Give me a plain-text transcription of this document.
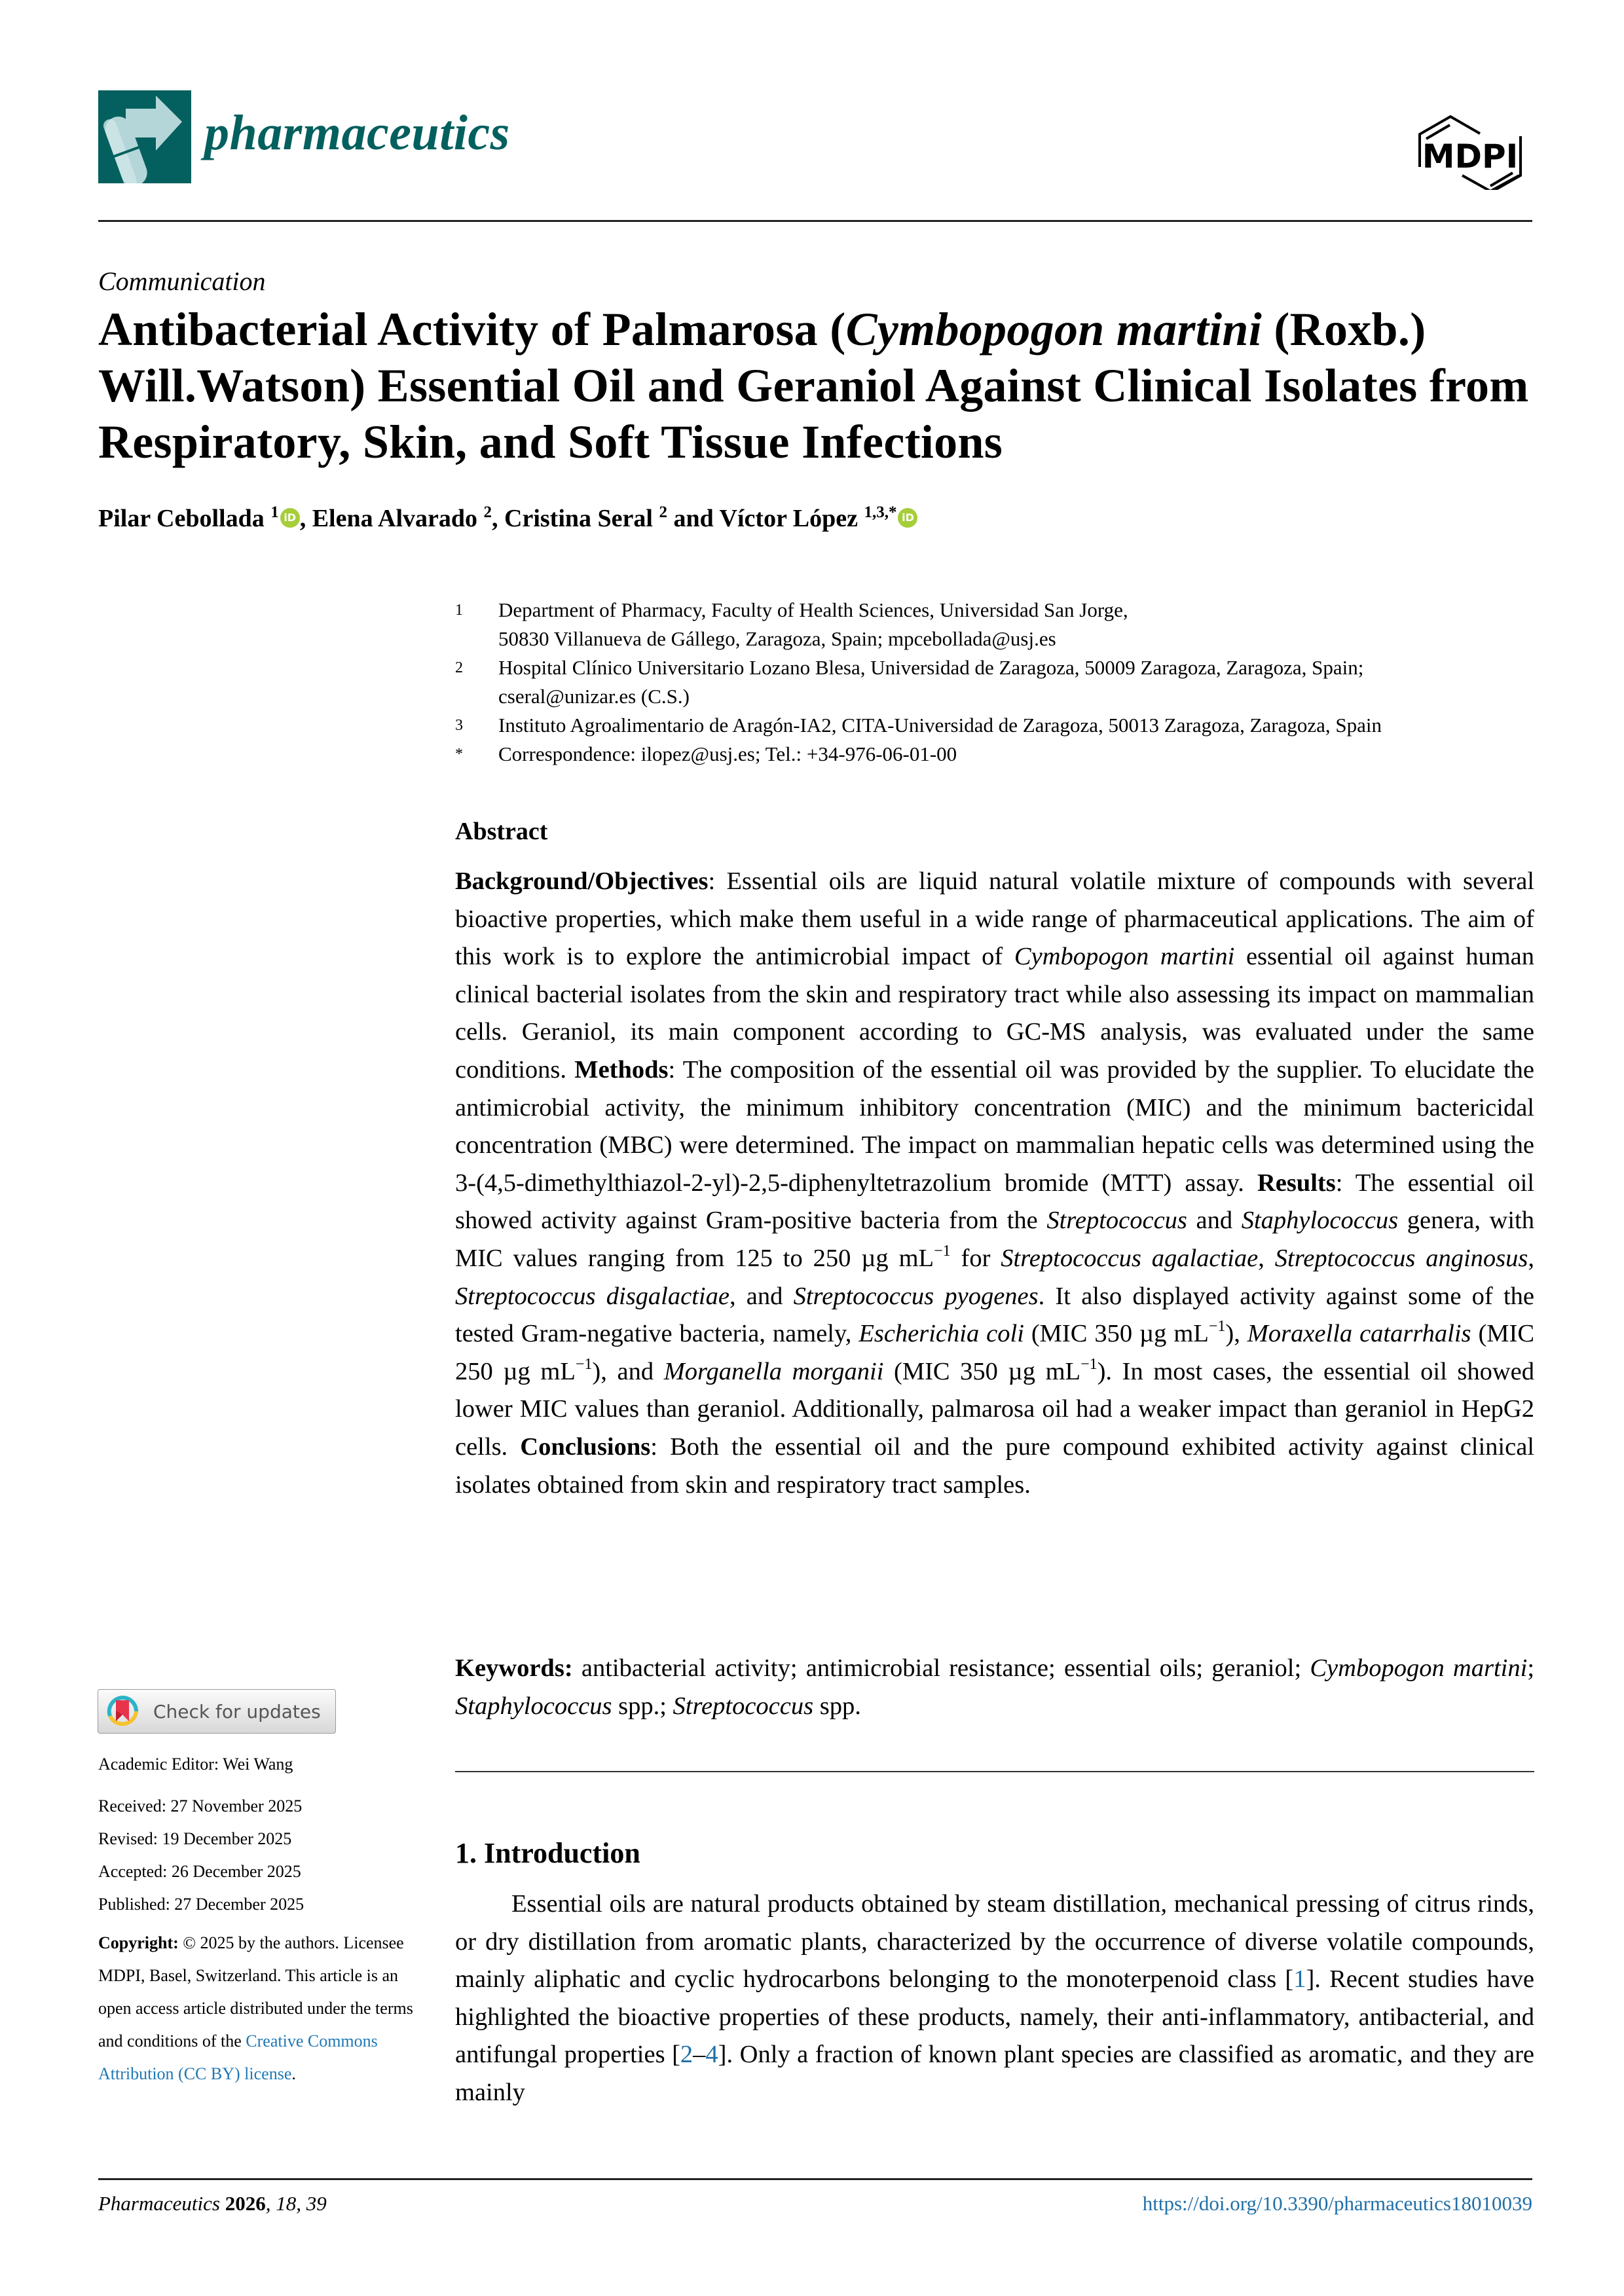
pharmaceutics	MDPI
Communication
Antibacterial Activity of Palmarosa (Cymbopogon martini (Roxb.) Will.Watson) Essential Oil and Geraniol Against Clinical Isolates from Respiratory, Skin, and Soft Tissue Infections
Pilar Cebollada $^1$ iD , Elena Alvarado $^2$, Cristina Seral $^2$ and Víctor López $^{1,3,*}$ iD
1	Department of Pharmacy, Faculty of Health Sciences, Universidad San Jorge,
50830 Villanueva de Gállego, Zaragoza, Spain; mpcebollada@usj.es
2	Hospital Clínico Universitario Lozano Blesa, Universidad de Zaragoza, 50009 Zaragoza, Zaragoza, Spain;
cseral@unizar.es (C.S.)
3	Instituto Agroalimentario de Aragón-IA2, CITA-Universidad de Zaragoza, 50013 Zaragoza, Zaragoza, Spain
*	Correspondence: ilopez@usj.es; Tel.: +34-976-06-01-00
Abstract
Background/Objectives: Essential oils are liquid natural volatile mixture of compounds with several bioactive properties, which make them useful in a wide range of pharmaceutical applications. The aim of this work is to explore the antimicrobial impact of Cymbopogon martini essential oil against human clinical bacterial isolates from the skin and respiratory tract while also assessing its impact on mammalian cells. Geraniol, its main component according to GC-MS analysis, was evaluated under the same conditions. Methods: The composition of the essential oil was provided by the supplier. To elucidate the antimicrobial activity, the minimum inhibitory concentration (MIC) and the minimum bactericidal concentration (MBC) were determined. The impact on mammalian hepatic cells was determined using the 3-(4,5-dimethylthiazol-2-yl)-2,5-diphenyltetrazolium bromide (MTT) assay. Results: The essential oil showed activity against Gram-positive bacteria from the Streptococcus and Staphylococcus genera, with MIC values ranging from 125 to 250 µg $mL^{-1}$ for Streptococcus agalactiae, Streptococcus anginosus, Streptococcus disgalactiae, and Streptococcus pyogenes. It also displayed activity against some of the tested Gram-negative bacteria, namely, Escherichia coli (MIC 350 µg $mL^{-1}$), Moraxella catarrhalis (MIC 250 µg $mL^{-1}$), and Morganella morganii (MIC 350 µg $mL^{-1}$). In most cases, the essential oil showed lower MIC values than geraniol. Additionally, palmarosa oil had a weaker impact than geraniol in HepG2 cells. Conclusions: Both the essential oil and the pure compound exhibited activity against clinical isolates obtained from skin and respiratory tract samples.
Keywords: antibacterial activity; antimicrobial resistance; essential oils; geraniol; Cymbopogon martini; Staphylococcus spp.; Streptococcus spp.
1. Introduction
Essential oils are natural products obtained by steam distillation, mechanical pressing of citrus rinds, or dry distillation from aromatic plants, characterized by the occurrence of diverse volatile compounds, mainly aliphatic and cyclic hydrocarbons belonging to the monoterpenoid class [1]. Recent studies have highlighted the bioactive properties of these products, namely, their anti-inflammatory, antibacterial, and antifungal properties [2–4]. Only a fraction of known plant species are classified as aromatic, and they are mainly
Check for updates
Academic Editor: Wei Wang
Received: 27 November 2025
Revised: 19 December 2025
Accepted: 26 December 2025
Published: 27 December 2025
Copyright: © 2025 by the authors. Licensee MDPI, Basel, Switzerland. This article is an open access article distributed under the terms and conditions of the Creative Commons Attribution (CC BY) license.
Pharmaceutics 2026, 18, 39	https://doi.org/10.3390/pharmaceutics18010039
